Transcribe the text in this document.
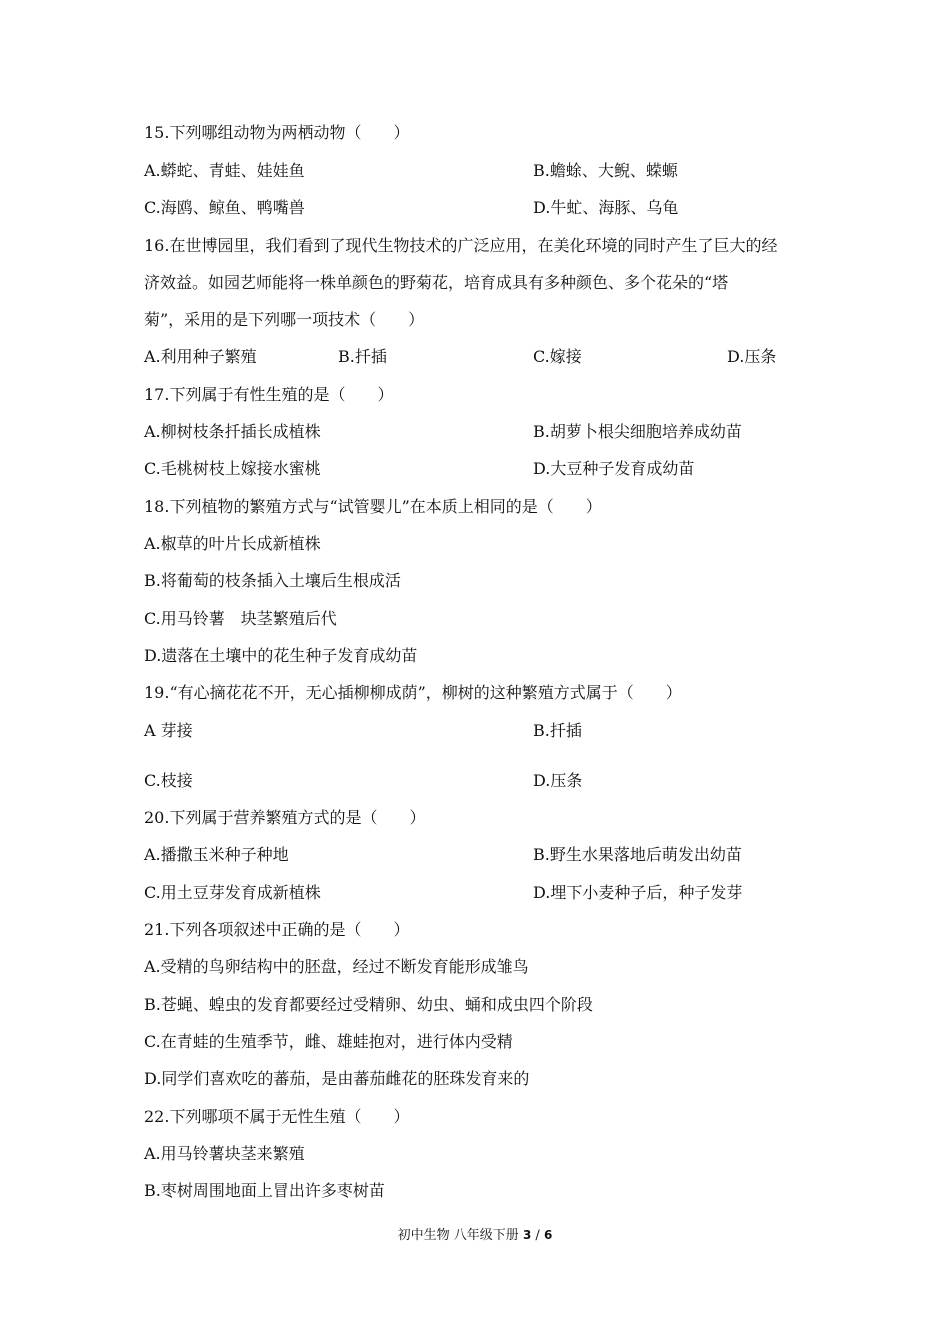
15.下列哪组动物为两栖动物（　　）
A.蟒蛇、青蛙、娃娃鱼	B.蟾蜍、大鲵、蝾螈
C.海鸥、鲸鱼、鸭嘴兽	D.牛虻、海豚、乌龟
16.在世博园里，我们看到了现代生物技术的广泛应用，在美化环境的同时产生了巨大的经
济效益。如园艺师能将一株单颜色的野菊花，培育成具有多种颜色、多个花朵的“塔
菊”，采用的是下列哪一项技术（　　）
A.利用种子繁殖	B.扦插	C.嫁接	D.压条
17.下列属于有性生殖的是（　　）
A.柳树枝条扦插长成植株	B.胡萝卜根尖细胞培养成幼苗
C.毛桃树枝上嫁接水蜜桃	D.大豆种子发育成幼苗
18.下列植物的繁殖方式与“试管婴儿”在本质上相同的是（　　）
A.椒草的叶片长成新植株
B.将葡萄的枝条插入土壤后生根成活
C.用马铃薯　块茎繁殖后代
D.遗落在土壤中的花生种子发育成幼苗
19.“有心摘花花不开，无心插柳柳成荫”，柳树的这种繁殖方式属于（　　）
A 芽接	B.扦插
C.枝接	D.压条
20.下列属于营养繁殖方式的是（　　）
A.播撒玉米种子种地	B.野生水果落地后萌发出幼苗
C.用土豆芽发育成新植株	D.埋下小麦种子后，种子发芽
21.下列各项叙述中正确的是（　　）
A.受精的鸟卵结构中的胚盘，经过不断发育能形成雏鸟
B.苍蝇、蝗虫的发育都要经过受精卵、幼虫、蛹和成虫四个阶段
C.在青蛙的生殖季节，雌、雄蛙抱对，进行体内受精
D.同学们喜欢吃的蕃茄，是由蕃茄雌花的胚珠发育来的
22.下列哪项不属于无性生殖（　　）
A.用马铃薯块茎来繁殖
B.枣树周围地面上冒出许多枣树苗
初中生物 八年级下册 3 / 6
